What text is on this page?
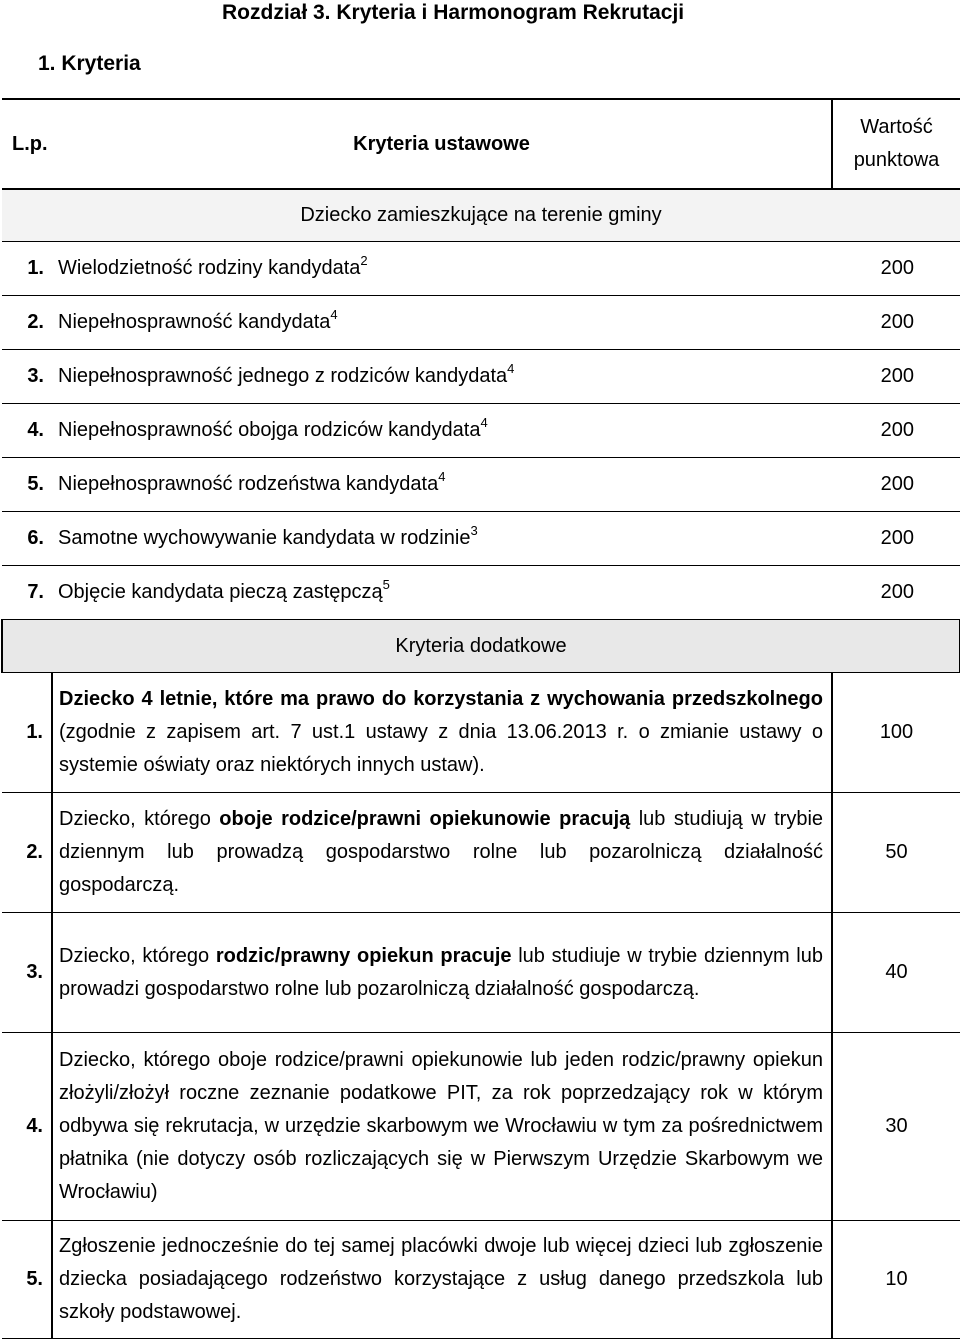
Rozdział 3. Kryteria i Harmonogram Rekrutacji
1. Kryteria
L.p.	Kryteria ustawowe	Wartość
punktowa
Dziecko zamieszkujące na terenie gminy		
1.	Wielodzietność rodziny kandydata$^2$	200
2.	Niepełnosprawność kandydata$^4$	200
3.	Niepełnosprawność jednego z rodziców kandydata$^4$	200
4.	Niepełnosprawność obojga rodziców kandydata$^4$	200
5.	Niepełnosprawność rodzeństwa kandydata$^4$	200
6.	Samotne wychowywanie kandydata w rodzinie$^3$	200
7.	Objęcie kandydata pieczą zastępczą$^5$	200
Kryteria dodatkowe		
1.	Dziecko 4 letnie, które ma prawo do korzystania z wychowania przedszkolnego (zgodnie z zapisem art. 7 ust.1 ustawy z dnia 13.06.2013 r. o zmianie ustawy o systemie oświaty oraz niektórych innych ustaw).	100
2.	Dziecko, którego oboje rodzice/prawni opiekunowie pracują lub studiują w trybie dziennym lub prowadzą gospodarstwo rolne lub pozarolniczą działalność gospodarczą.	50
3.	Dziecko, którego rodzic/prawny opiekun pracuje lub studiuje w trybie dziennym lub prowadzi gospodarstwo rolne lub pozarolniczą działalność gospodarczą.	40
4.	Dziecko, którego oboje rodzice/prawni opiekunowie lub jeden rodzic/prawny opiekun złożyli/złożył roczne zeznanie podatkowe PIT, za rok poprzedzający rok w którym odbywa się rekrutacja, w urzędzie skarbowym we Wrocławiu w tym za pośrednictwem płatnika (nie dotyczy osób rozliczających się w Pierwszym Urzędzie Skarbowym we Wrocławiu)	30
5.	Zgłoszenie jednocześnie do tej samej placówki dwoje lub więcej dzieci lub zgłoszenie dziecka posiadającego rodzeństwo korzystające z usług danego przedszkola lub szkoły podstawowej.	10
